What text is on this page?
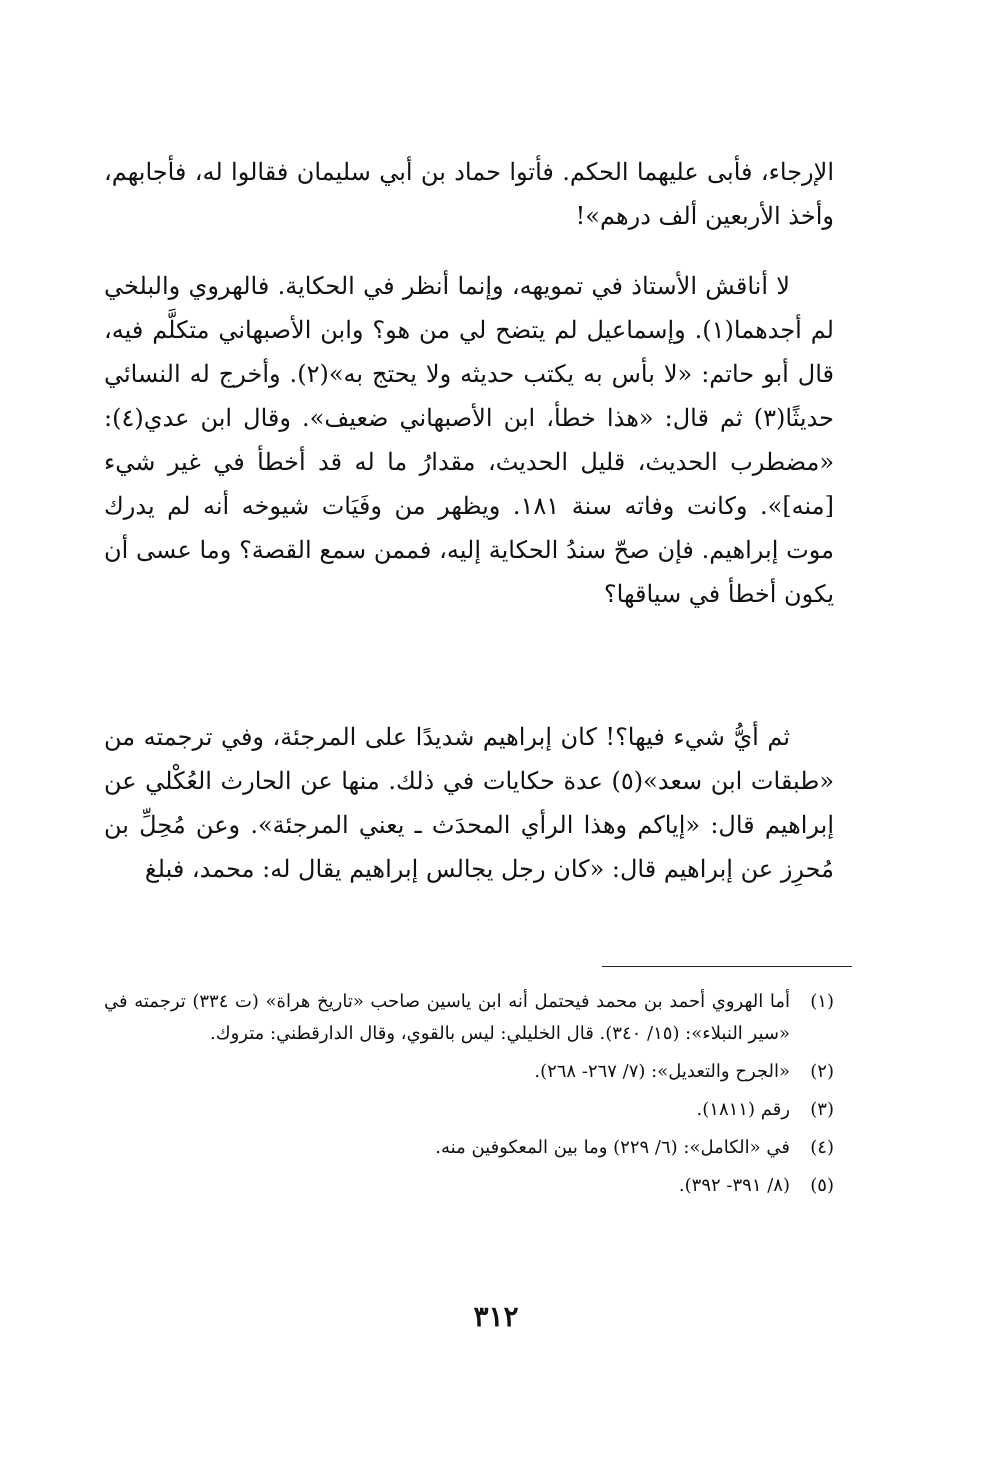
الإرجاء، فأبى عليهما الحكم. فأتوا حماد بن أبي سليمان فقالوا له، فأجابهم، وأخذ الأربعين ألف درهم»!

لا أناقش الأستاذ في تمويهه، وإنما أنظر في الحكاية. فالهروي والبلخي لم أجدهما(١). وإسماعيل لم يتضح لي من هو؟ وابن الأصبهاني متكلَّم فيه، قال أبو حاتم: «لا بأس به يكتب حديثه ولا يحتج به»(٢). وأخرج له النسائي حديثًا(٣) ثم قال: «هذا خطأ، ابن الأصبهاني ضعيف». وقال ابن عدي(٤): «مضطرب الحديث، قليل الحديث، مقدارُ ما له قد أخطأ في غير شيء [منه]». وكانت وفاته سنة ١٨١. ويظهر من وفَيَات شيوخه أنه لم يدرك موت إبراهيم. فإن صحّ سندُ الحكاية إليه، فممن سمع القصة؟ وما عسى أن يكون أخطأ في سياقها؟

ثم أيُّ شيء فيها؟! كان إبراهيم شديدًا على المرجئة، وفي ترجمته من «طبقات ابن سعد»(٥) عدة حكايات في ذلك. منها عن الحارث العُكْلي عن إبراهيم قال: «إياكم وهذا الرأي المحدَث ـ يعني المرجئة». وعن مُحِلِّ بن مُحرِز عن إبراهيم قال: «كان رجل يجالس إبراهيم يقال له: محمد، فبلغ

(١)
أما الهروي أحمد بن محمد فيحتمل أنه ابن ياسين صاحب «تاريخ هراة» (ت ٣٣٤) ترجمته في «سير النبلاء»: (١٥/ ٣٤٠). قال الخليلي: ليس بالقوي، وقال الدارقطني: متروك.
(٢)
«الجرح والتعديل»: (٧/ ٢٦٧- ٢٦٨).
(٣)
رقم (١٨١١).
(٤)
في «الكامل»: (٦/ ٢٢٩) وما بين المعكوفين منه.
(٥)
(٨/ ٣٩١- ٣٩٢).
٣١٢
